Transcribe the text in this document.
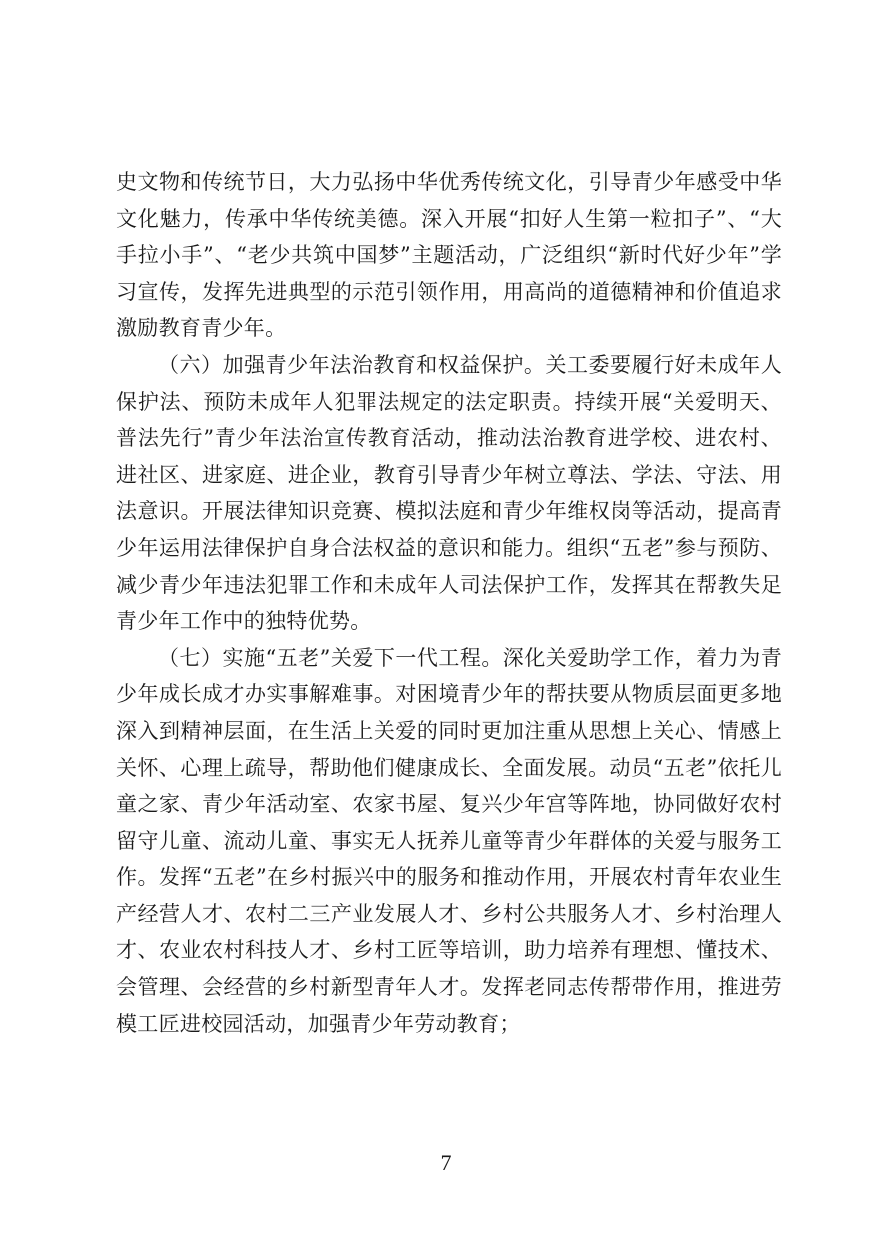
史文物和传统节日，大力弘扬中华优秀传统文化，引导青少年感受中华文化魅力，传承中华传统美德。深入开展“扣好人生第一粒扣子”、“大手拉小手”、“老少共筑中国梦”主题活动，广泛组织“新时代好少年”学习宣传，发挥先进典型的示范引领作用，用高尚的道德精神和价值追求激励教育青少年。

（六）加强青少年法治教育和权益保护。关工委要履行好未成年人保护法、预防未成年人犯罪法规定的法定职责。持续开展“关爱明天、普法先行”青少年法治宣传教育活动，推动法治教育进学校、进农村、进社区、进家庭、进企业，教育引导青少年树立尊法、学法、守法、用法意识。开展法律知识竞赛、模拟法庭和青少年维权岗等活动，提高青少年运用法律保护自身合法权益的意识和能力。组织“五老”参与预防、减少青少年违法犯罪工作和未成年人司法保护工作，发挥其在帮教失足青少年工作中的独特优势。

（七）实施“五老”关爱下一代工程。深化关爱助学工作，着力为青少年成长成才办实事解难事。对困境青少年的帮扶要从物质层面更多地深入到精神层面，在生活上关爱的同时更加注重从思想上关心、情感上关怀、心理上疏导，帮助他们健康成长、全面发展。动员“五老”依托儿童之家、青少年活动室、农家书屋、复兴少年宫等阵地，协同做好农村留守儿童、流动儿童、事实无人抚养儿童等青少年群体的关爱与服务工作。发挥“五老”在乡村振兴中的服务和推动作用，开展农村青年农业生产经营人才、农村二三产业发展人才、乡村公共服务人才、乡村治理人才、农业农村科技人才、乡村工匠等培训，助力培养有理想、懂技术、会管理、会经营的乡村新型青年人才。发挥老同志传帮带作用，推进劳模工匠进校园活动，加强青少年劳动教育；

7
